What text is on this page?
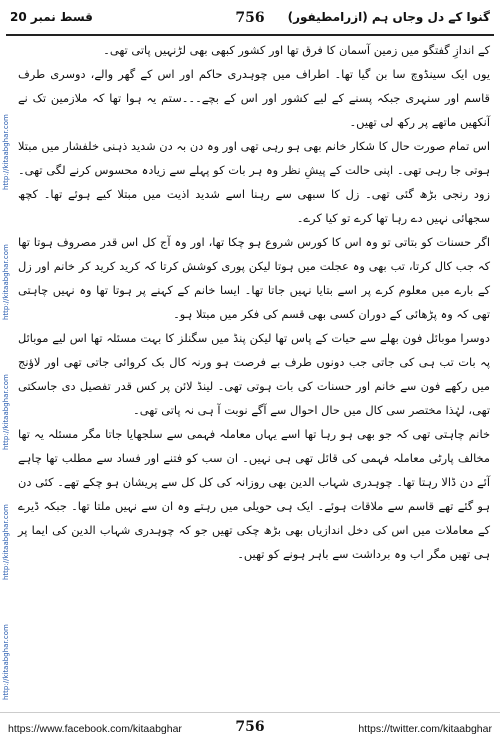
قسط نمبر 20	756	گنوا کے دل وجاں ہم (ازرامطیفور)
http://kitaabghar.com
http://kitaabghar.com
http://kitaabghar.com
http://kitaabghar.com
http://kitaabghar.com

کے اندازِ گفتگو میں زمین آسمان کا فرق تھا اور کشور کبھی بھی لڑنہیں پاتی تھی۔

یوں ایک سینڈوچ سا بن گیا تھا۔ اطراف میں چوہدری حاکم اور اس کے گھر والے، دوسری طرف قاسم اور سنہری جبکہ پسنے کے لیے کشور اور اس کے بچے۔۔۔ستم یہ ہوا تھا کہ ملازمین تک نے آنکھیں ماتھے پر رکھ لی تھیں۔

اس تمام صورت حال کا شکار خانم بھی ہو رہی تھی اور وہ دن بہ دن شدید ذہنی خلفشار میں مبتلا ہوتی جا رہی تھی۔ اپنی حالت کے پیشِ نظر وہ ہر بات کو پہلے سے زیادہ محسوس کرنے لگی تھی۔ زود رنجی بڑھ گئی تھی۔ زل کا سبھی سے رہنا اسے شدید اذیت میں مبتلا کیے ہوئے تھا۔ کچھ سجھائی نہیں دے رہا تھا کرے تو کیا کرے۔

اگر حسنات کو بتاتی تو وہ اس کا کورس شروع ہو چکا تھا، اور وہ آج کل اس قدر مصروف ہوتا تھا کہ جب کال کرتا، تب بھی وہ عجلت میں ہوتا لیکن پوری کوشش کرتا کہ کرید کرید کر خانم اور زل کے بارے میں معلوم کرے پر اسے بتایا نہیں جاتا تھا۔ ایسا خانم کے کہنے پر ہوتا تھا وہ نہیں چاہتی تھی کہ وہ پڑھائی کے دوران کسی بھی قسم کی فکر میں مبتلا ہو۔

دوسرا موبائل فون بھلے سے حیات کے پاس تھا لیکن پنڈ میں سگنلز کا بہت مسئلہ تھا اس لیے موبائل پہ بات تب ہی کی جاتی جب دونوں طرف بے فرصت ہو ورنہ کال بک کروائی جاتی تھی اور لاؤنج میں رکھے فون سے خانم اور حسنات کی بات ہوتی تھی۔ لینڈ لائن پر کس قدر تفصیل دی جاسکتی تھی، لہٰذا مختصر سی کال میں حال احوال سے آگے نوبت آ ہی نہ پاتی تھی۔

خانم چاہتی تھی کہ جو بھی ہو رہا تھا اسے یہاں معاملہ فہمی سے سلجھایا جاتا مگر مسئلہ یہ تھا مخالف پارٹی معاملہ فہمی کی قائل تھی ہی نہیں۔ ان سب کو فتنے اور فساد سے مطلب تھا چاہے آئے دن ڈالا رہتا تھا۔ چوہدری شہاب الدین بھی روزانہ کی کل کل سے پریشان ہو چکے تھے۔ کئی دن ہو گئے تھے قاسم سے ملاقات ہوئے۔ ایک ہی حویلی میں رہتے وہ ان سے نہیں ملتا تھا۔ جبکہ ڈیرے کے معاملات میں اس کی دخل اندازیاں بھی بڑھ چکی تھیں جو کہ چوہدری شہاب الدین کی ایما پر ہی تھیں مگر اب وہ برداشت سے باہر ہونے کو تھیں۔

https://www.facebook.com/kitaabghar	756	https://twitter.com/kitaabghar
